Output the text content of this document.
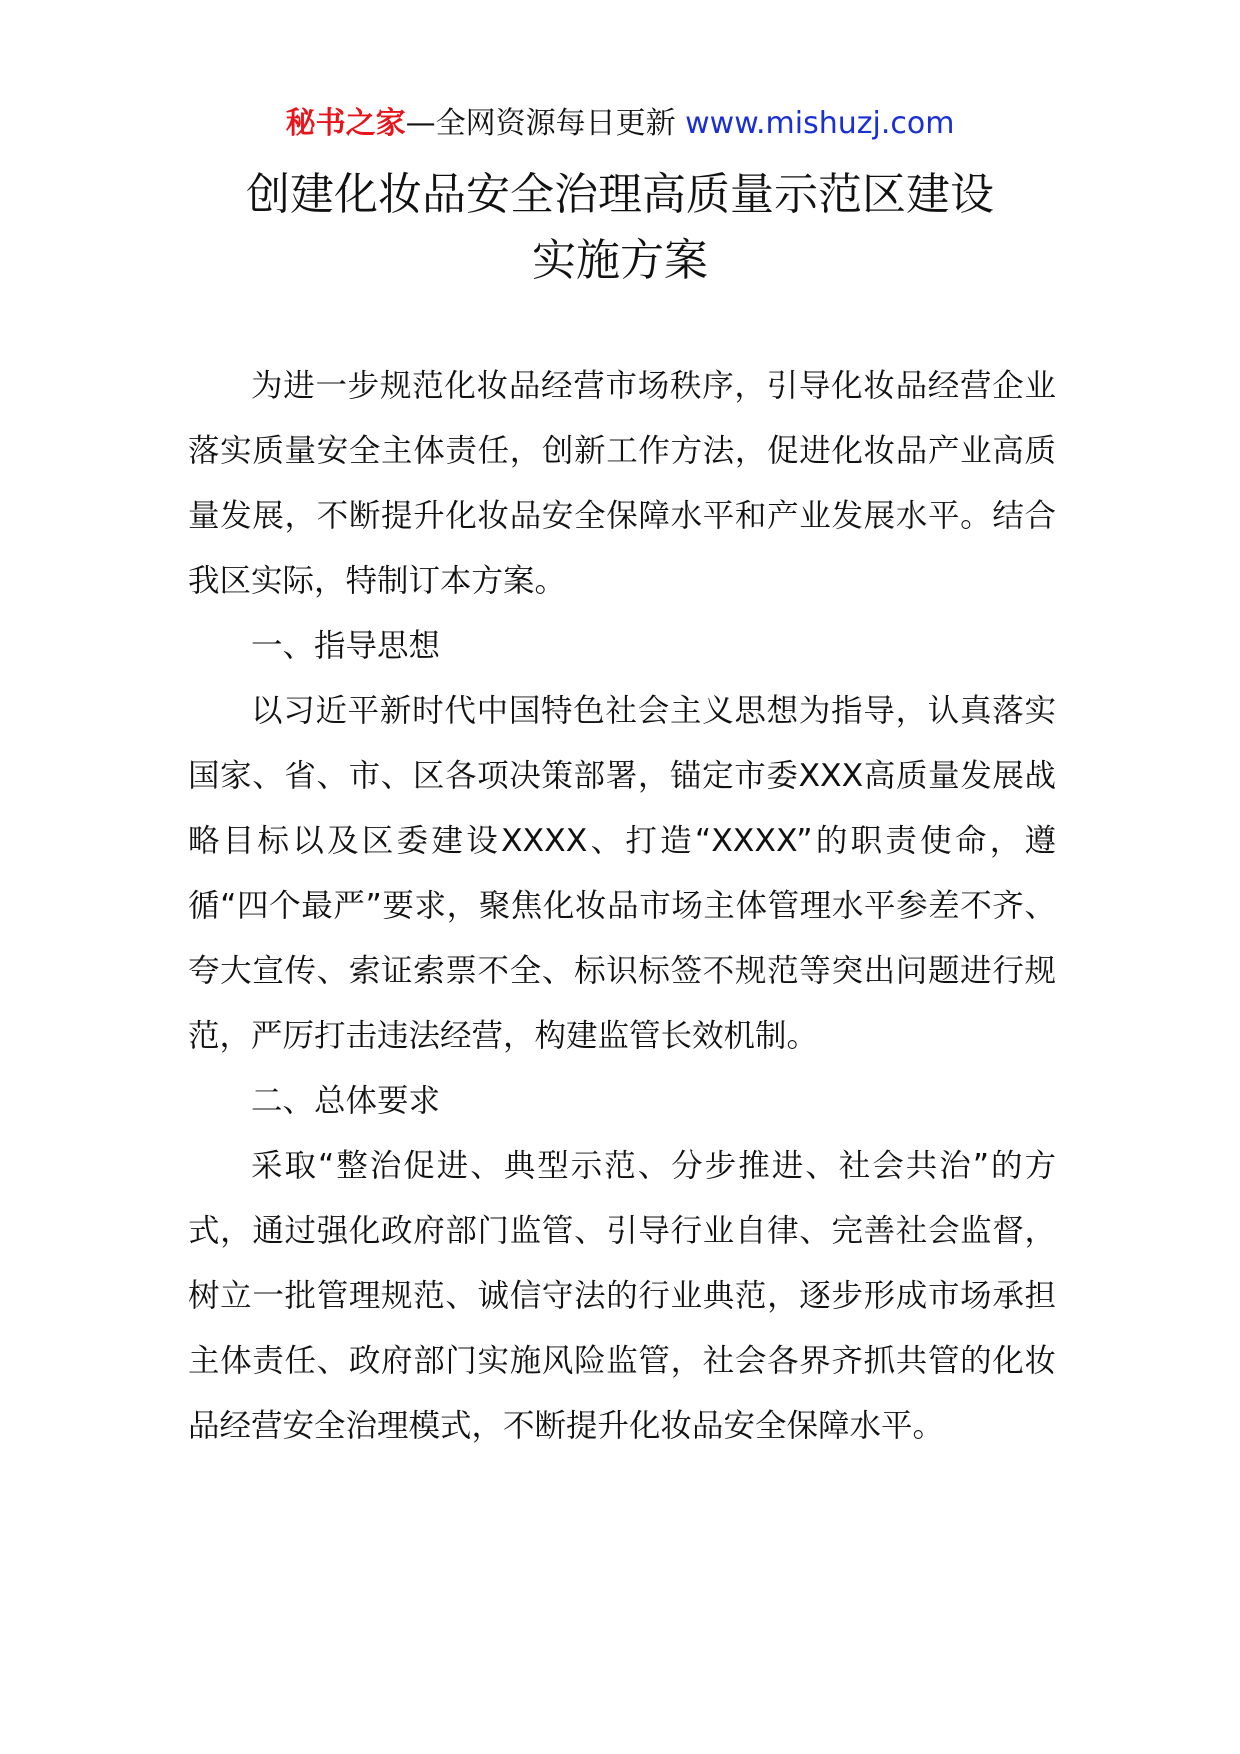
秘书之家—全网资源每日更新 www.mishuzj.com
创建化妆品安全治理高质量示范区建设
实施方案

为进一步规范化妆品经营市场秩序，引导化妆品经营企业落实质量安全主体责任，创新工作方法，促进化妆品产业高质量发展，不断提升化妆品安全保障水平和产业发展水平。结合我区实际，特制订本方案。

一、指导思想

以习近平新时代中国特色社会主义思想为指导，认真落实国家、省、市、区各项决策部署，锚定市委XXX高质量发展战略目标以及区委建设XXXX、打造“XXXX”的职责使命，遵循“四个最严”要求，聚焦化妆品市场主体管理水平参差不齐、夸大宣传、索证索票不全、标识标签不规范等突出问题进行规范，严厉打击违法经营，构建监管长效机制。

二、总体要求

采取“整治促进、典型示范、分步推进、社会共治”的方式，通过强化政府部门监管、引导行业自律、完善社会监督，树立一批管理规范、诚信守法的行业典范，逐步形成市场承担主体责任、政府部门实施风险监管，社会各界齐抓共管的化妆品经营安全治理模式，不断提升化妆品安全保障水平。
